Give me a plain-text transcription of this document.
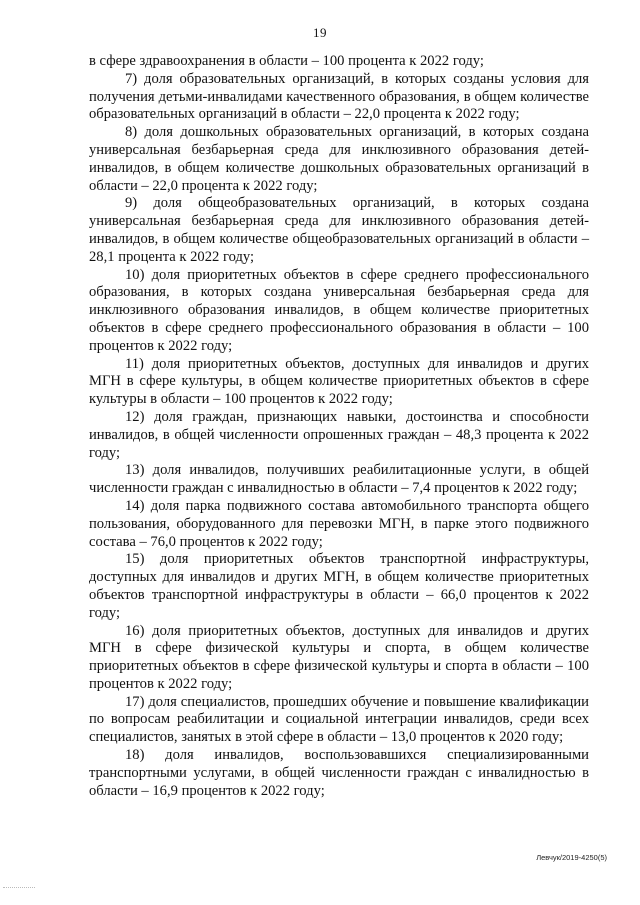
19

в сфере здравоохранения в области – 100 процента к 2022 году;

7) доля образовательных организаций, в которых созданы условия для получения детьми-инвалидами качественного образования, в общем количестве образовательных организаций в области – 22,0 процента к 2022 году;

8) доля дошкольных образовательных организаций, в которых создана универсальная безбарьерная среда для инклюзивного образования детей-инвалидов, в общем количестве дошкольных образовательных организаций в области – 22,0 процента к 2022 году;

9) доля общеобразовательных организаций, в которых создана универсальная безбарьерная среда для инклюзивного образования детей-инвалидов, в общем количестве общеобразовательных организаций в области – 28,1 процента к 2022 году;

10) доля приоритетных объектов в сфере среднего профессионального образования, в которых создана универсальная безбарьерная среда для инклюзивного образования инвалидов, в общем количестве приоритетных объектов в сфере среднего профессионального образования в области – 100 процентов к 2022 году;

11) доля приоритетных объектов, доступных для инвалидов и других МГН в сфере культуры, в общем количестве приоритетных объектов в сфере культуры в области – 100 процентов к 2022 году;

12) доля граждан, признающих навыки, достоинства и способности инвалидов, в общей численности опрошенных граждан – 48,3 процента к 2022 году;

13) доля инвалидов, получивших реабилитационные услуги, в общей численности граждан с инвалидностью в области – 7,4 процентов к 2022 году;

14) доля парка подвижного состава автомобильного транспорта общего пользования, оборудованного для перевозки МГН, в парке этого подвижного состава – 76,0 процентов к 2022 году;

15) доля приоритетных объектов транспортной инфраструктуры, доступных для инвалидов и других МГН, в общем количестве приоритетных объектов транспортной инфраструктуры в области – 66,0 процентов к 2022 году;

16) доля приоритетных объектов, доступных для инвалидов и других МГН в сфере физической культуры и спорта, в общем количестве приоритетных объектов в сфере физической культуры и спорта в области – 100 процентов к 2022 году;

17) доля специалистов, прошедших обучение и повышение квалификации по вопросам реабилитации и социальной интеграции инвалидов, среди всех специалистов, занятых в этой сфере в области – 13,0 процентов к 2020 году;

18) доля инвалидов, воспользовавшихся специализированными транспортными услугами, в общей численности граждан с инвалидностью в области – 16,9 процентов к 2022 году;

Левчук/2019-4250(5)
